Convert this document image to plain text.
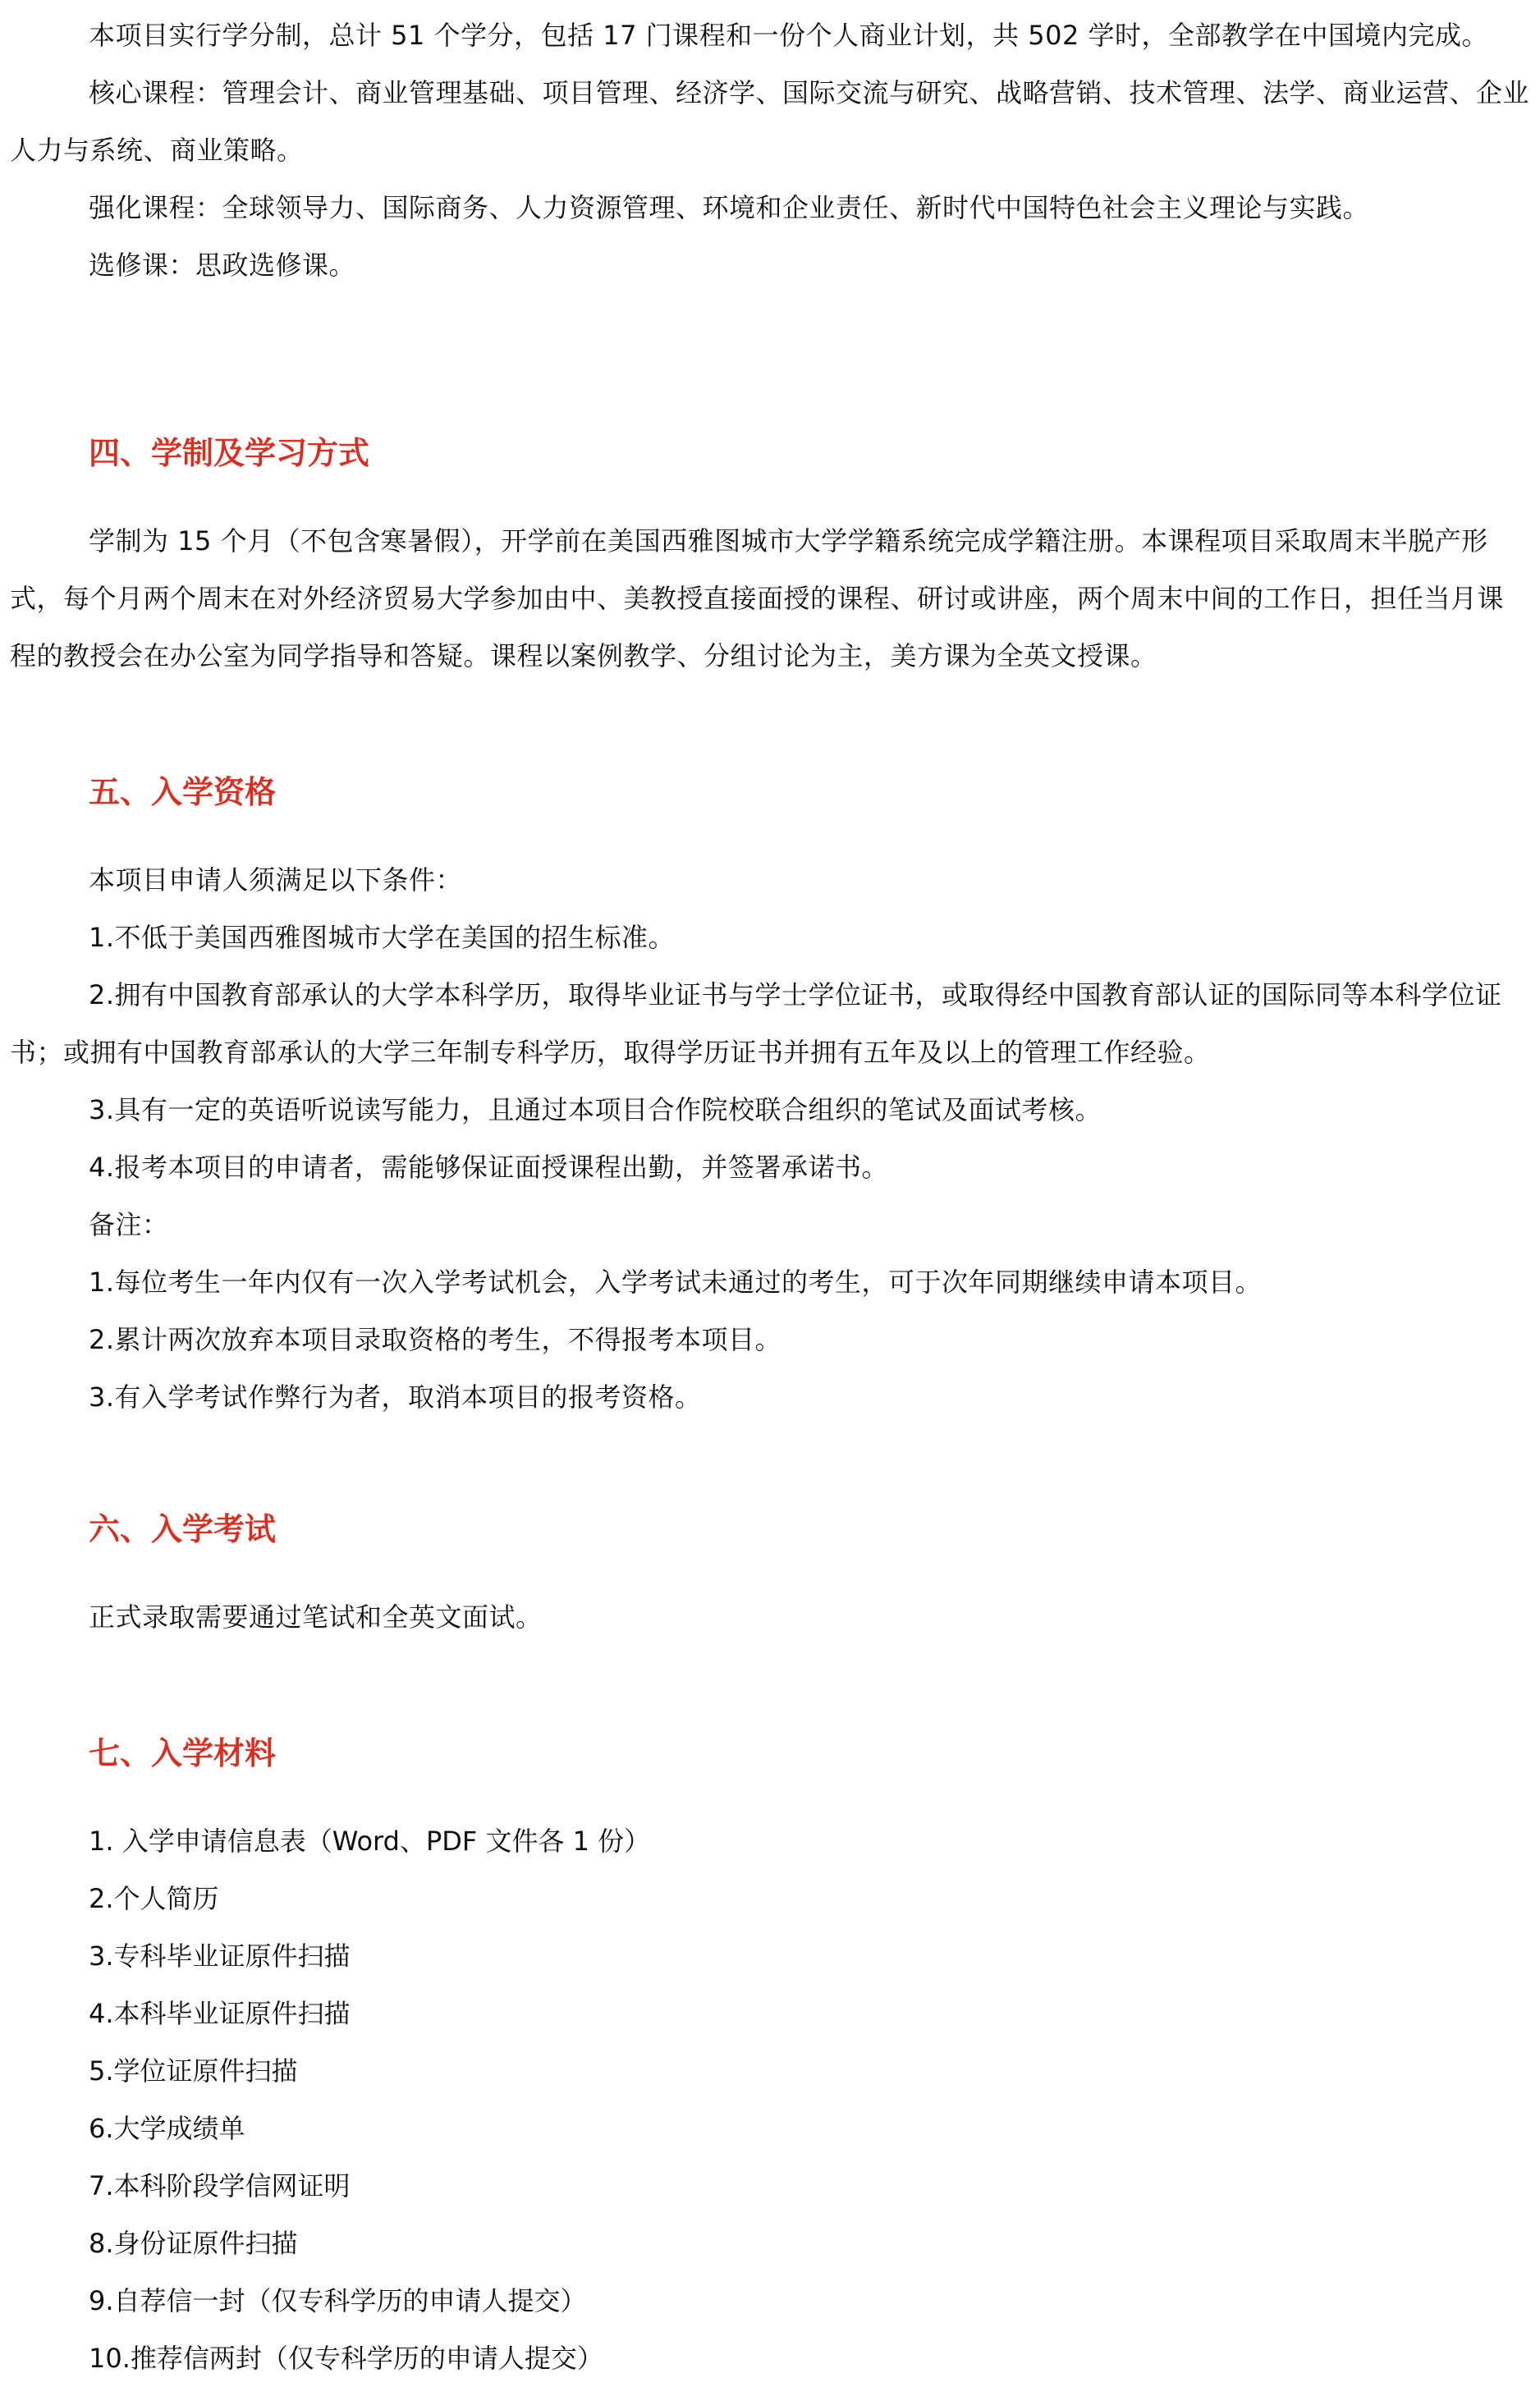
本项目实行学分制，总计 51 个学分，包括 17 门课程和一份个人商业计划，共 502 学时，全部教学在中国境内完成。

核心课程：管理会计、商业管理基础、项目管理、经济学、国际交流与研究、战略营销、技术管理、法学、商业运营、企业人力与系统、商业策略。

强化课程：全球领导力、国际商务、人力资源管理、环境和企业责任、新时代中国特色社会主义理论与实践。

选修课：思政选修课。

四、学制及学习方式

学制为 15 个月（不包含寒暑假），开学前在美国西雅图城市大学学籍系统完成学籍注册。本课程项目采取周末半脱产形式，每个月两个周末在对外经济贸易大学参加由中、美教授直接面授的课程、研讨或讲座，两个周末中间的工作日，担任当月课程的教授会在办公室为同学指导和答疑。课程以案例教学、分组讨论为主，美方课为全英文授课。

五、入学资格

本项目申请人须满足以下条件：

1.不低于美国西雅图城市大学在美国的招生标准。

2.拥有中国教育部承认的大学本科学历，取得毕业证书与学士学位证书，或取得经中国教育部认证的国际同等本科学位证书；或拥有中国教育部承认的大学三年制专科学历，取得学历证书并拥有五年及以上的管理工作经验。

3.具有一定的英语听说读写能力，且通过本项目合作院校联合组织的笔试及面试考核。

4.报考本项目的申请者，需能够保证面授课程出勤，并签署承诺书。

备注：

1.每位考生一年内仅有一次入学考试机会，入学考试未通过的考生，可于次年同期继续申请本项目。

2.累计两次放弃本项目录取资格的考生，不得报考本项目。

3.有入学考试作弊行为者，取消本项目的报考资格。

六、入学考试

正式录取需要通过笔试和全英文面试。

七、入学材料

1. 入学申请信息表（Word、PDF 文件各 1 份）

2.个人简历

3.专科毕业证原件扫描

4.本科毕业证原件扫描

5.学位证原件扫描

6.大学成绩单

7.本科阶段学信网证明

8.身份证原件扫描

9.自荐信一封（仅专科学历的申请人提交）

10.推荐信两封（仅专科学历的申请人提交）
